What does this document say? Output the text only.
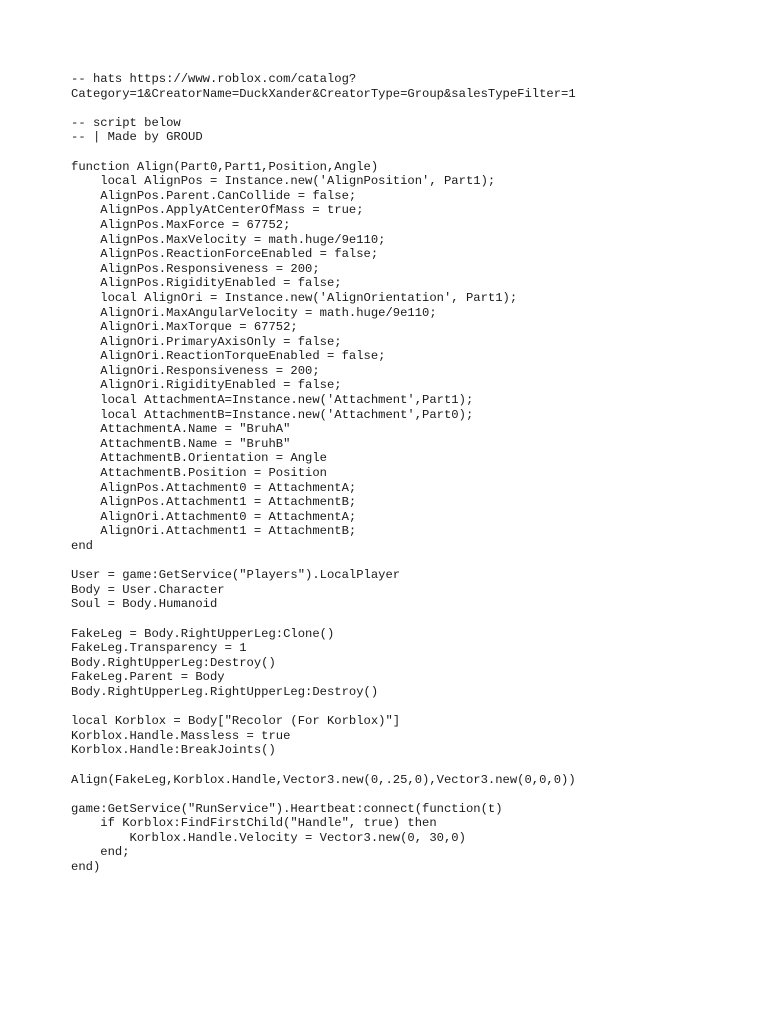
-- hats https://www.roblox.com/catalog?
Category=1&CreatorName=DuckXander&CreatorType=Group&salesTypeFilter=1
-- script below
-- | Made by GROUD
function Align(Part0,Part1,Position,Angle)
local AlignPos = Instance.new('AlignPosition', Part1);
AlignPos.Parent.CanCollide = false;
AlignPos.ApplyAtCenterOfMass = true;
AlignPos.MaxForce = 67752;
AlignPos.MaxVelocity = math.huge/9e110;
AlignPos.ReactionForceEnabled = false;
AlignPos.Responsiveness = 200;
AlignPos.RigidityEnabled = false;
local AlignOri = Instance.new('AlignOrientation', Part1);
AlignOri.MaxAngularVelocity = math.huge/9e110;
AlignOri.MaxTorque = 67752;
AlignOri.PrimaryAxisOnly = false;
AlignOri.ReactionTorqueEnabled = false;
AlignOri.Responsiveness = 200;
AlignOri.RigidityEnabled = false;
local AttachmentA=Instance.new('Attachment',Part1);
local AttachmentB=Instance.new('Attachment',Part0);
AttachmentA.Name = "BruhA"
AttachmentB.Name = "BruhB"
AttachmentB.Orientation = Angle
AttachmentB.Position = Position
AlignPos.Attachment0 = AttachmentA;
AlignPos.Attachment1 = AttachmentB;
AlignOri.Attachment0 = AttachmentA;
AlignOri.Attachment1 = AttachmentB;
end
User = game:GetService("Players").LocalPlayer
Body = User.Character
Soul = Body.Humanoid
FakeLeg = Body.RightUpperLeg:Clone()
FakeLeg.Transparency = 1
Body.RightUpperLeg:Destroy()
FakeLeg.Parent = Body
Body.RightUpperLeg.RightUpperLeg:Destroy()
local Korblox = Body["Recolor (For Korblox)"]
Korblox.Handle.Massless = true
Korblox.Handle:BreakJoints()
Align(FakeLeg,Korblox.Handle,Vector3.new(0,.25,0),Vector3.new(0,0,0))
game:GetService("RunService").Heartbeat:connect(function(t)
if Korblox:FindFirstChild("Handle", true) then
Korblox.Handle.Velocity = Vector3.new(0, 30,0)
end;
end)
